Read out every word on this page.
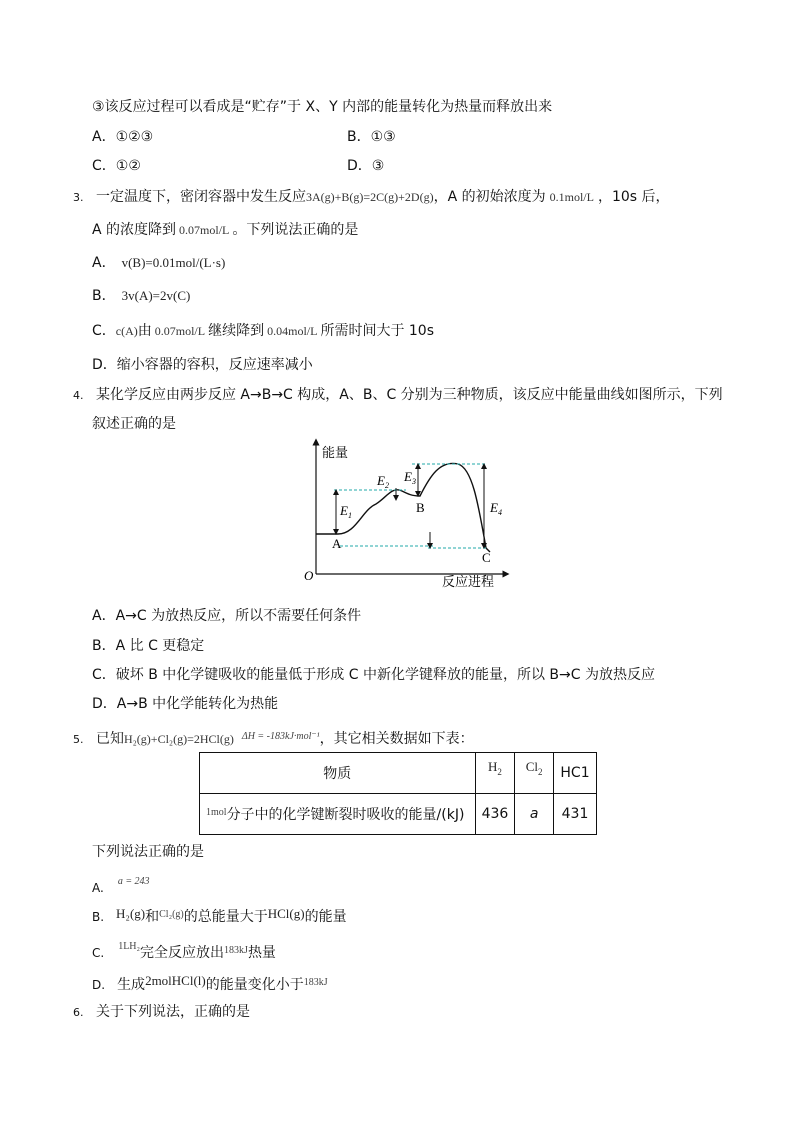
③该反应过程可以看成是“贮存”于 X、Y 内部的能量转化为热量而释放出来
A．①②③	B．①③
C．①②	D．③
3. 一定温度下，密闭容器中发生反应3A(g)+B(g)=2C(g)+2D(g)，A 的初始浓度为 0.1mol/L ，10s 后，
A 的浓度降到 0.07mol/L 。下列说法正确的是
A． v(B)=0.01mol/(L·s)
B． 3v(A)=2v(C)
C．c(A)由 0.07mol/L 继续降到 0.04mol/L 所需时间大于 10s
D．缩小容器的容积，反应速率减小
4. 某化学反应由两步反应 A→B→C 构成，A、B、C 分别为三种物质，该反应中能量曲线如图所示，下列
叙述正确的是
能量
O	反应进程
A
B
C
$E_1$
$E_2$
$E_3$
$E_4$
A．A→C 为放热反应，所以不需要任何条件
B．A 比 C 更稳定
C．破坏 B 中化学键吸收的能量低于形成 C 中新化学键释放的能量，所以 B→C 为放热反应
D．A→B 中化学能转化为热能
5. 已知H₂(g)+Cl₂(g)=2HCl(g) $^{\Delta H = -183kJ\cdot mol^{-1}}$，其它相关数据如下表：
物质	$H_2$	$Cl_2$	HC1
$^{1mol}$分子中的化学键断裂时吸收的能量/(kJ)	436	a	431
下列说法正确的是
A. $^{a = 243}$
B. H₂(g)和$^{Cl_2(g)}$的总能量大于HCl(g)的能量
C. $^{1LH_2}$完全反应放出$^{183kJ}$热量
D. 生成2molHCl(l)的能量变化小于$^{183kJ}$
6. 关于下列说法，正确的是
